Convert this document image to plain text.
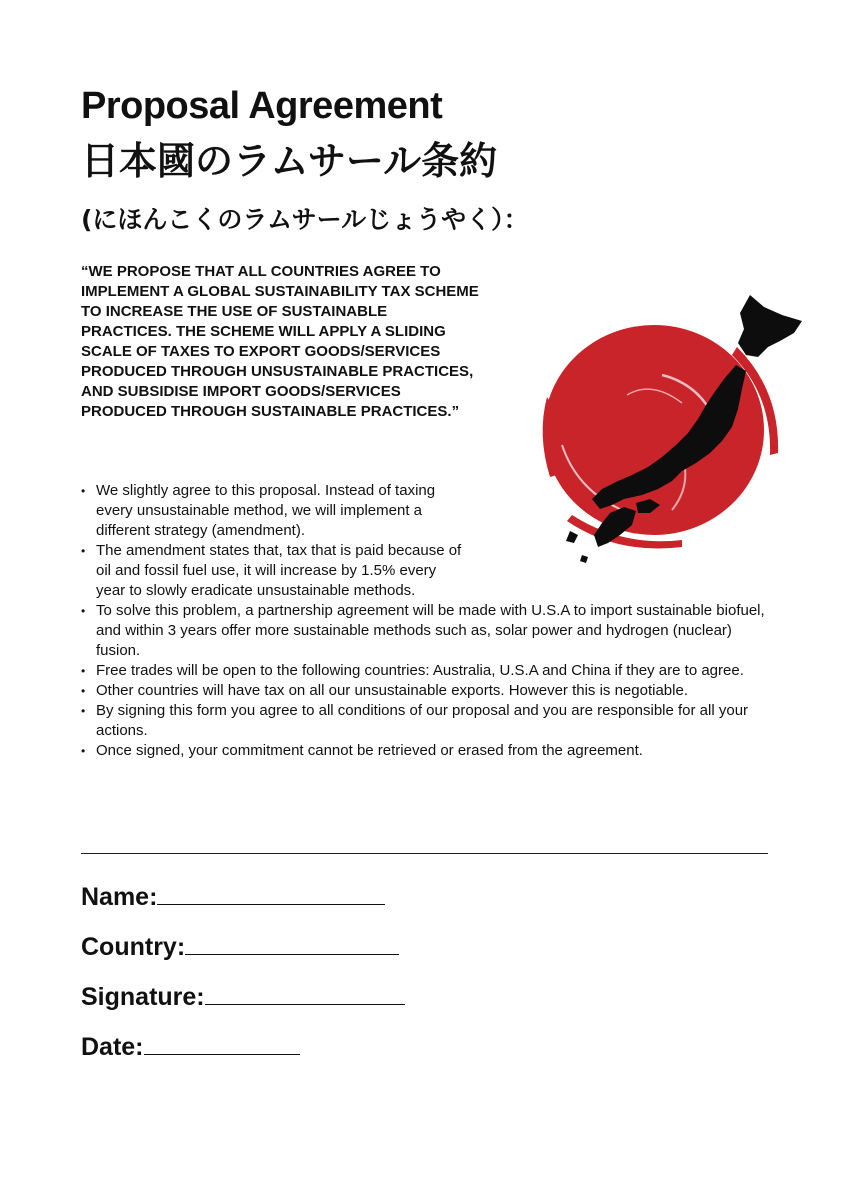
Proposal Agreement
日本國のラムサール条約
(にほんこくのラムサールじょうやく）：
“WE PROPOSE THAT ALL COUNTRIES AGREE TO IMPLEMENT A GLOBAL SUSTAINABILITY TAX SCHEME TO INCREASE THE USE OF SUSTAINABLE PRACTICES. THE SCHEME WILL APPLY A SLIDING SCALE OF TAXES TO EXPORT GOODS/SERVICES PRODUCED THROUGH UNSUSTAINABLE PRACTICES, AND SUBSIDISE IMPORT GOODS/SERVICES PRODUCED THROUGH SUSTAINABLE PRACTICES.”
• We slightly agree to this proposal. Instead of taxing every unsustainable method, we will implement a different strategy (amendment).
• The amendment states that, tax that is paid because of oil and fossil fuel use, it will increase by 1.5% every year to slowly eradicate unsustainable methods.
• To solve this problem, a partnership agreement will be made with U.S.A to import sustainable biofuel, and within 3 years offer more sustainable methods such as, solar power and hydrogen (nuclear) fusion.
• Free trades will be open to the following countries: Australia, U.S.A and China if they are to agree.
• Other countries will have tax on all our unsustainable exports. However this is negotiable.
• By signing this form you agree to all conditions of our proposal and you are responsible for all your actions.
• Once signed, your commitment cannot be retrieved or erased from the agreement.
Name:
Country:
Signature:
Date:
